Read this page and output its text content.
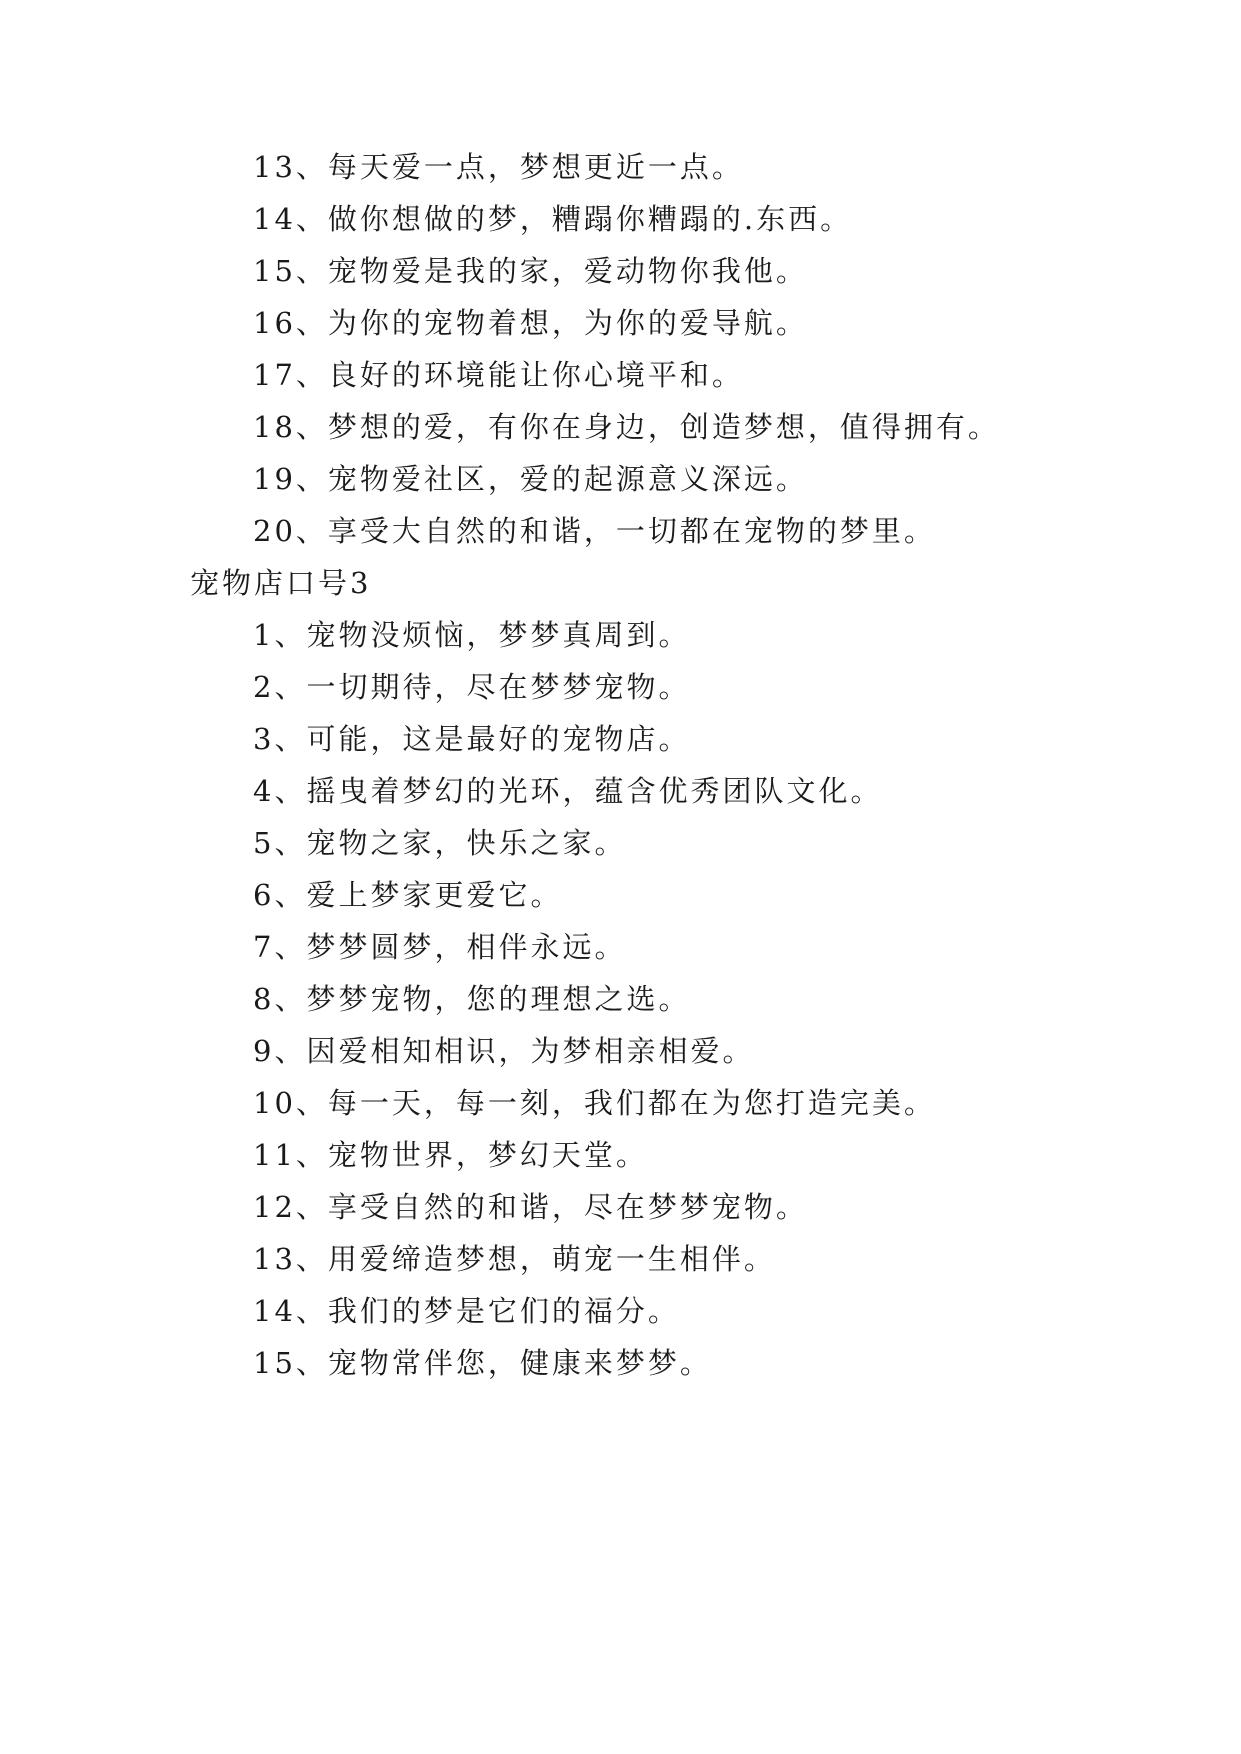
13、每天爱一点，梦想更近一点。
14、做你想做的梦，糟蹋你糟蹋的.东西。
15、宠物爱是我的家，爱动物你我他。
16、为你的宠物着想，为你的爱导航。
17、良好的环境能让你心境平和。
18、梦想的爱，有你在身边，创造梦想，值得拥有。
19、宠物爱社区，爱的起源意义深远。
20、享受大自然的和谐，一切都在宠物的梦里。
宠物店口号3
1、宠物没烦恼，梦梦真周到。
2、一切期待，尽在梦梦宠物。
3、可能，这是最好的宠物店。
4、摇曳着梦幻的光环，蕴含优秀团队文化。
5、宠物之家，快乐之家。
6、爱上梦家更爱它。
7、梦梦圆梦，相伴永远。
8、梦梦宠物，您的理想之选。
9、因爱相知相识，为梦相亲相爱。
10、每一天，每一刻，我们都在为您打造完美。
11、宠物世界，梦幻天堂。
12、享受自然的和谐，尽在梦梦宠物。
13、用爱缔造梦想，萌宠一生相伴。
14、我们的梦是它们的福分。
15、宠物常伴您，健康来梦梦。
